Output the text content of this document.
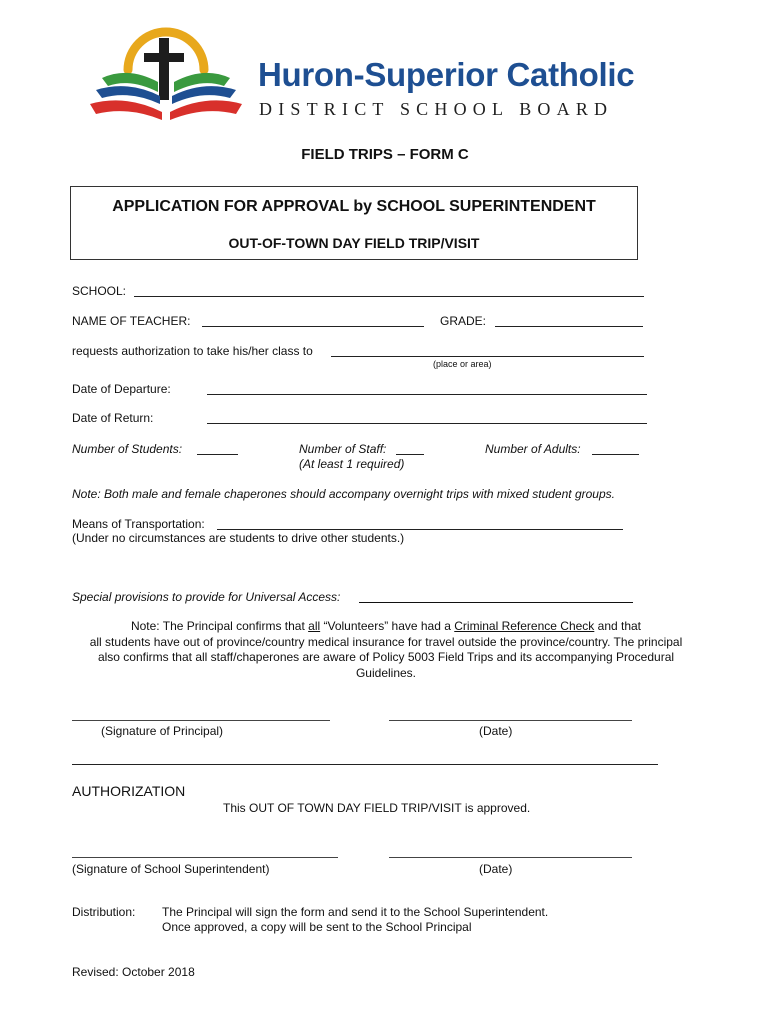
Huron-Superior Catholic
DISTRICT SCHOOL BOARD
FIELD TRIPS – FORM C
APPLICATION FOR APPROVAL by SCHOOL SUPERINTENDENT
OUT-OF-TOWN DAY FIELD TRIP/VISIT
SCHOOL:
NAME OF TEACHER:	GRADE:
requests authorization to take his/her class to
(place or area)
Date of Departure:
Date of Return:
Number of Students:	Number of Staff:
(At least 1 required)
Number of Adults:
Note: Both male and female chaperones should accompany overnight trips with mixed student groups.
Means of Transportation:
(Under no circumstances are students to drive other students.)
Special provisions to provide for Universal Access:
Note: The Principal confirms that all “Volunteers” have had a Criminal Reference Check and that
all students have out of province/country medical insurance for travel outside the province/country. The principal
also confirms that all staff/chaperones are aware of Policy 5003 Field Trips and its accompanying Procedural
Guidelines.
(Signature of Principal)	(Date)
AUTHORIZATION
This OUT OF TOWN DAY FIELD TRIP/VISIT is approved.
(Signature of School Superintendent)	(Date)
Distribution: The Principal will sign the form and send it to the School Superintendent.
Once approved, a copy will be sent to the School Principal
Revised: October 2018
